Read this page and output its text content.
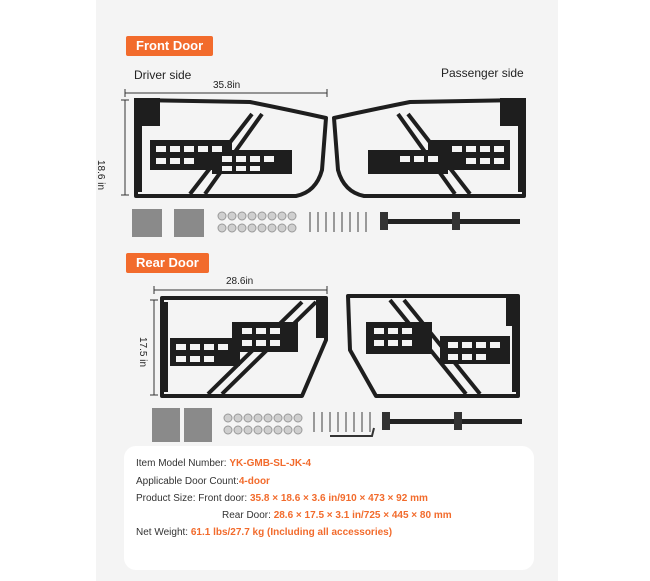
Front Door
Driver side	Passenger side
35.8in
18.6 in
Rear Door
28.6in
17.5 in
Item Model Number: YK-GMB-SL-JK-4
Applicable Door Count:4-door
Product Size: Front door: 35.8 × 18.6 × 3.6 in/910 × 473 × 92 mm
Rear Door: 28.6 × 17.5 × 3.1 in/725 × 445 × 80 mm
Net Weight: 61.1 lbs/27.7 kg (Including all accessories)
